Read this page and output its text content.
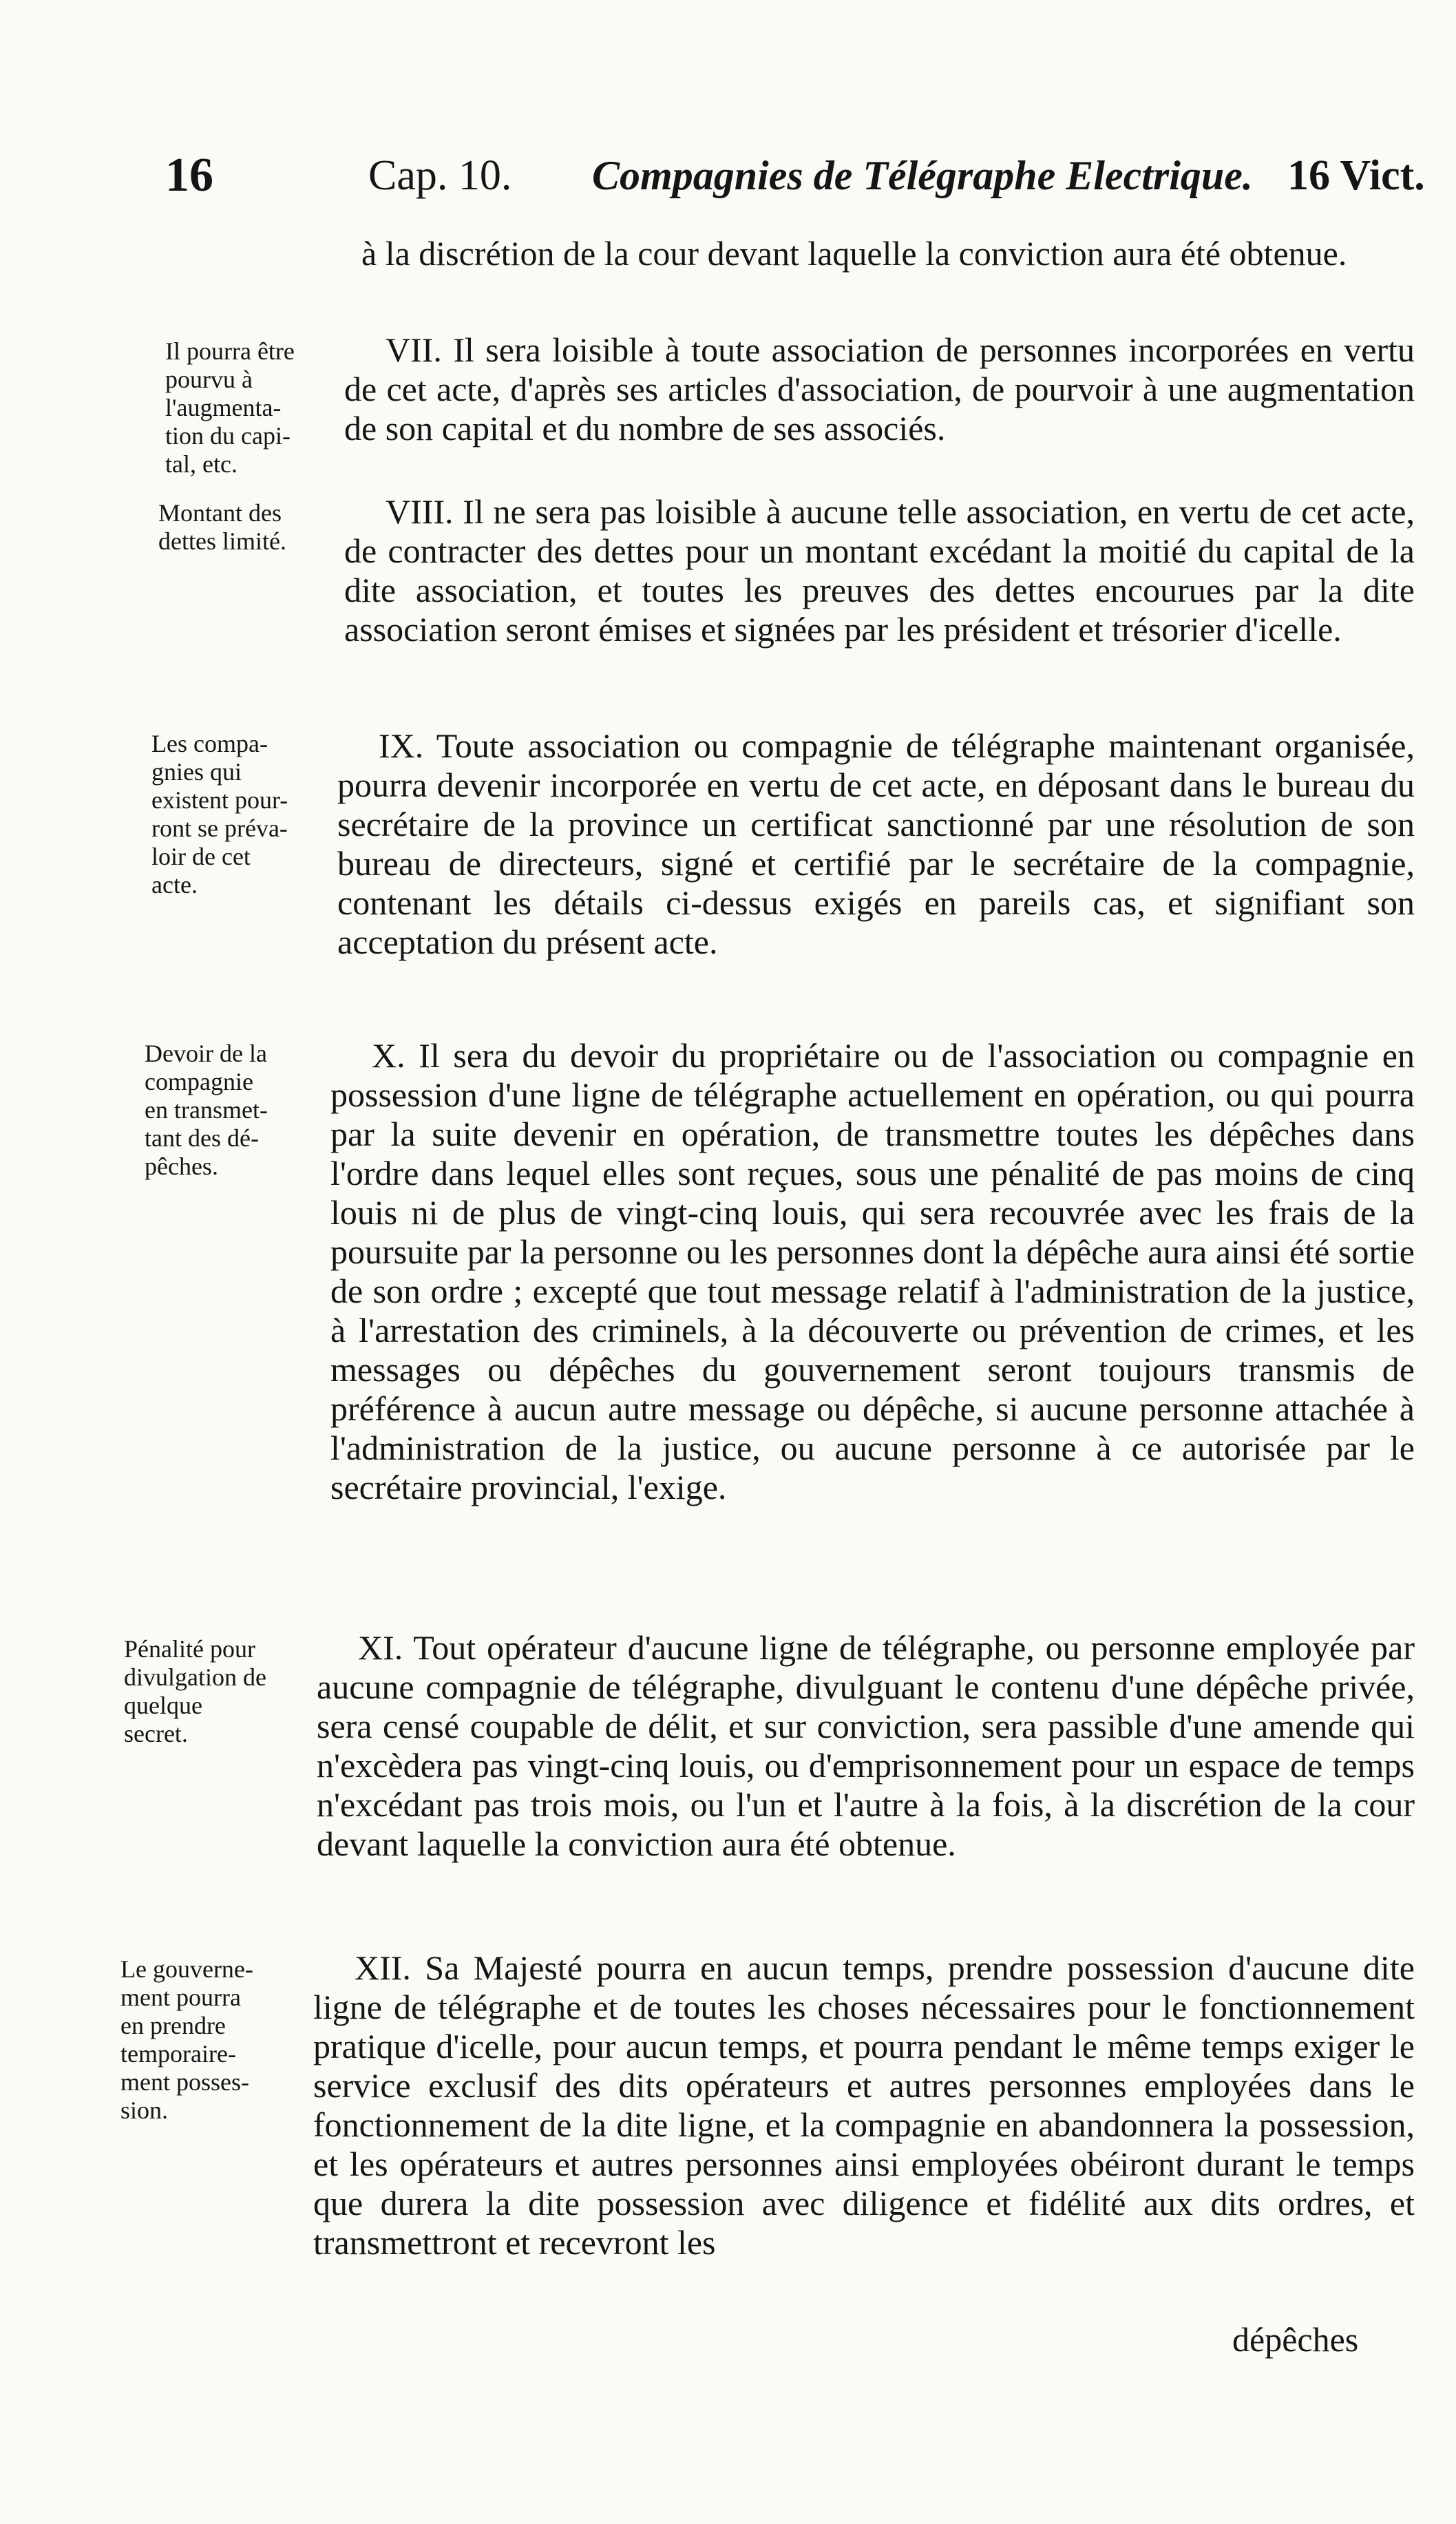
16	Cap. 10. Compagnies de Télégraphe Electrique. 16 Vict.

à la discrétion de la cour devant laquelle la conviction aura été obtenue.

Il pourra être
pourvu à
l'augmenta-
tion du capi-
tal, etc.

VII. Il sera loisible à toute association de personnes incorporées en vertu de cet acte, d'après ses articles d'association, de pourvoir à une augmentation de son capital et du nombre de ses associés.

Montant des
dettes limité.

VIII. Il ne sera pas loisible à aucune telle association, en vertu de cet acte, de contracter des dettes pour un montant excédant la moitié du capital de la dite association, et toutes les preuves des dettes encourues par la dite association seront émises et signées par les président et trésorier d'icelle.

Les compa-
gnies qui
existent pour-
ront se préva-
loir de cet
acte.

IX. Toute association ou compagnie de télégraphe maintenant organisée, pourra devenir incorporée en vertu de cet acte, en déposant dans le bureau du secrétaire de la province un certificat sanctionné par une résolution de son bureau de directeurs, signé et certifié par le secrétaire de la compagnie, contenant les détails ci-dessus exigés en pareils cas, et signifiant son acceptation du présent acte.

Devoir de la
compagnie
en transmet-
tant des dé-
pêches.

X. Il sera du devoir du propriétaire ou de l'association ou compagnie en possession d'une ligne de télégraphe actuellement en opération, ou qui pourra par la suite devenir en opération, de transmettre toutes les dépêches dans l'ordre dans lequel elles sont reçues, sous une pénalité de pas moins de cinq louis ni de plus de vingt-cinq louis, qui sera recouvrée avec les frais de la poursuite par la personne ou les personnes dont la dépêche aura ainsi été sortie de son ordre ; excepté que tout message relatif à l'administration de la justice, à l'arrestation des criminels, à la découverte ou prévention de crimes, et les messages ou dépêches du gouvernement seront toujours transmis de préférence à aucun autre message ou dépêche, si aucune personne attachée à l'administration de la justice, ou aucune personne à ce autorisée par le secrétaire provincial, l'exige.

Pénalité pour
divulgation de
quelque
secret.

XI. Tout opérateur d'aucune ligne de télégraphe, ou personne employée par aucune compagnie de télégraphe, divulguant le contenu d'une dépêche privée, sera censé coupable de délit, et sur conviction, sera passible d'une amende qui n'excèdera pas vingt-cinq louis, ou d'emprisonnement pour un espace de temps n'excédant pas trois mois, ou l'un et l'autre à la fois, à la discrétion de la cour devant laquelle la conviction aura été obtenue.

Le gouverne-
ment pourra
en prendre
temporaire-
ment posses-
sion.

XII. Sa Majesté pourra en aucun temps, prendre possession d'aucune dite ligne de télégraphe et de toutes les choses nécessaires pour le fonctionnement pratique d'icelle, pour aucun temps, et pourra pendant le même temps exiger le service exclusif des dits opérateurs et autres personnes employées dans le fonctionnement de la dite ligne, et la compagnie en abandonnera la possession, et les opérateurs et autres personnes ainsi employées obéiront durant le temps que durera la dite possession avec diligence et fidélité aux dits ordres, et transmettront et recevront les

dépêches
